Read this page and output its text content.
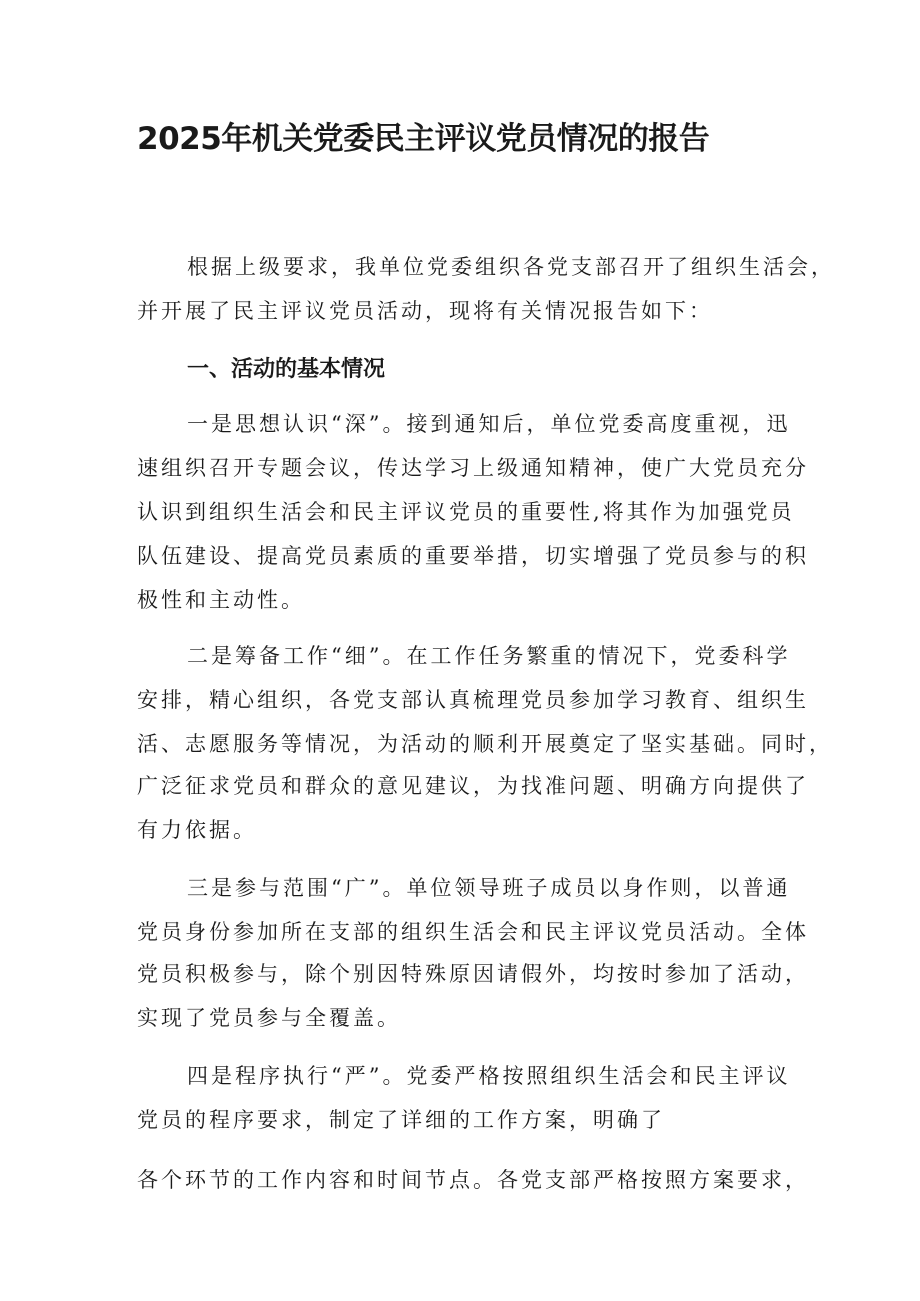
2025年机关党委民主评议党员情况的报告

根据上级要求，我单位党委组织各党支部召开了组织生活会，

并开展了民主评议党员活动，现将有关情况报告如下：

一、活动的基本情况

一是思想认识“深”。接到通知后，单位党委高度重视，迅

速组织召开专题会议，传达学习上级通知精神，使广大党员充分

认识到组织生活会和民主评议党员的重要性,将其作为加强党员

队伍建设、提高党员素质的重要举措，切实增强了党员参与的积

极性和主动性。

二是筹备工作“细”。在工作任务繁重的情况下，党委科学

安排，精心组织，各党支部认真梳理党员参加学习教育、组织生

活、志愿服务等情况，为活动的顺利开展奠定了坚实基础。同时，

广泛征求党员和群众的意见建议，为找准问题、明确方向提供了

有力依据。

三是参与范围“广”。单位领导班子成员以身作则，以普通

党员身份参加所在支部的组织生活会和民主评议党员活动。全体

党员积极参与，除个别因特殊原因请假外，均按时参加了活动，

实现了党员参与全覆盖。

四是程序执行“严”。党委严格按照组织生活会和民主评议

党员的程序要求，制定了详细的工作方案，明确了

各个环节的工作内容和时间节点。各党支部严格按照方案要求，
